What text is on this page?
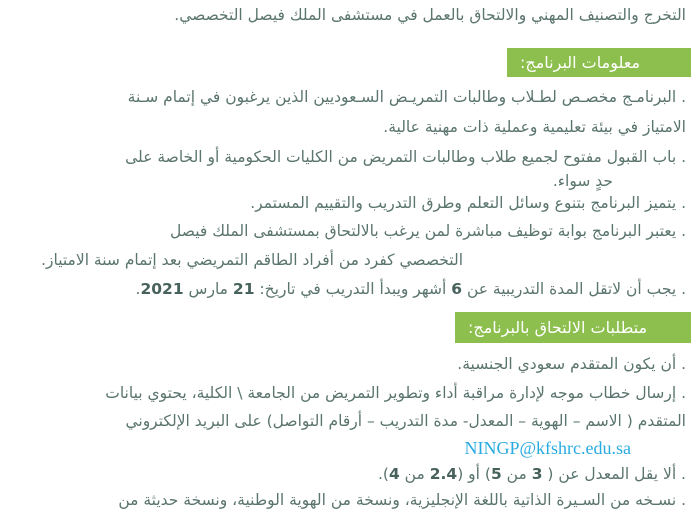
التخرج والتصنيف المهني والالتحاق بالعمل في مستشفى الملك فيصل التخصصي.
معلومات البرنامج:
. البرنامـج مخصـص لطـلاب وطالبات التمريـض السـعوديين الذين يرغبون في إتمام سـنة
الامتياز في بيئة تعليمية وعملية ذات مهنية عالية.
. باب القبول مفتوح لجميع طلاب وطالبات التمريض من الكليات الحكومية أو الخاصة على
حدٍ سواء.
. يتميز البرنامج بتنوع وسائل التعلم وطرق التدريب والتقييم المستمر.
. يعتبر البرنامج بوابة توظيف مباشرة لمن يرغب بالالتحاق بمستشفى الملك فيصل
التخصصي كفرد من أفراد الطاقم التمريضي بعد إتمام سنة الامتياز.
. يجب أن لاتقل المدة التدريبية عن 6 أشهر ويبدأ التدريب في تاريخ: 21 مارس 2021.
متطلبات الالتحاق بالبرنامج:
. أن يكون المتقدم سعودي الجنسية.
. إرسال خطاب موجه لإدارة مراقبة أداء وتطوير التمريض من الجامعة \ الكلية، يحتوي بيانات
المتقدم ( الاسم – الهوية – المعدل- مدة التدريب – أرقام التواصل) على البريد الإلكتروني
NINGP@kfshrc.edu.sa
. ألا يقل المعدل عن ( 3 من 5) أو (2.4 من 4).
. نسـخه من السـيرة الذاتية باللغة الإنجليزية، ونسخة من الهوية الوطنية، ونسخة حديثة من
